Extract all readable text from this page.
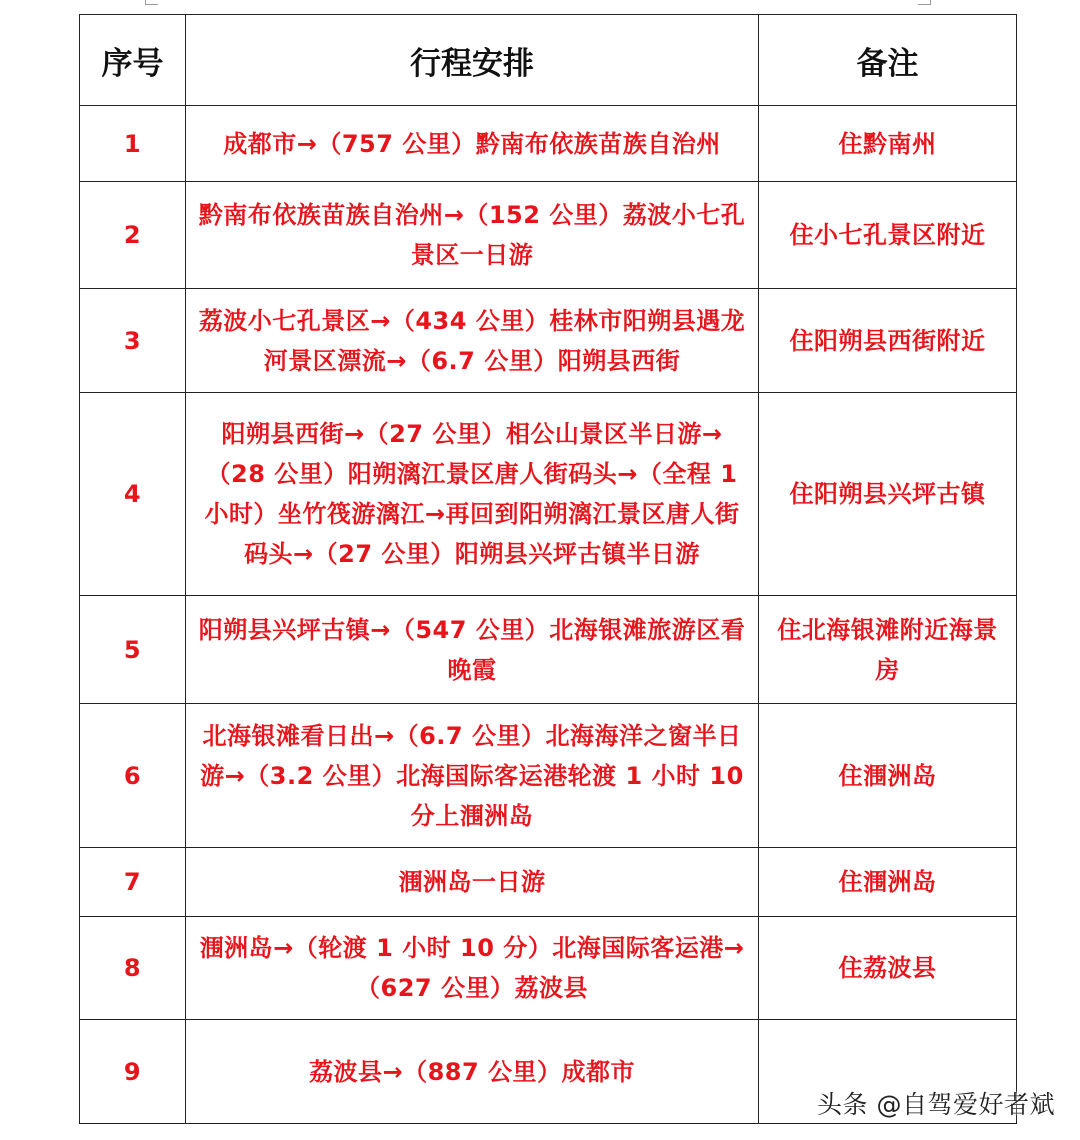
序号	行程安排	备注
1	成都市→（757 公里）黔南布依族苗族自治州	住黔南州
2	黔南布依族苗族自治州→（152 公里）荔波小七孔景区一日游	住小七孔景区附近
3	荔波小七孔景区→（434 公里）桂林市阳朔县遇龙河景区漂流→（6.7 公里）阳朔县西街	住阳朔县西街附近
4	阳朔县西街→（27 公里）相公山景区半日游→（28 公里）阳朔漓江景区唐人街码头→（全程 1 小时）坐竹筏游漓江→再回到阳朔漓江景区唐人街码头→（27 公里）阳朔县兴坪古镇半日游	住阳朔县兴坪古镇
5	阳朔县兴坪古镇→（547 公里）北海银滩旅游区看晚霞	住北海银滩附近海景房
6	北海银滩看日出→（6.7 公里）北海海洋之窗半日游→（3.2 公里）北海国际客运港轮渡 1 小时 10 分上涠洲岛	住涠洲岛
7	涠洲岛一日游	住涠洲岛
8	涠洲岛→（轮渡 1 小时 10 分）北海国际客运港→（627 公里）荔波县	住荔波县
9	荔波县→（887 公里）成都市	
头条 @自驾爱好者斌
